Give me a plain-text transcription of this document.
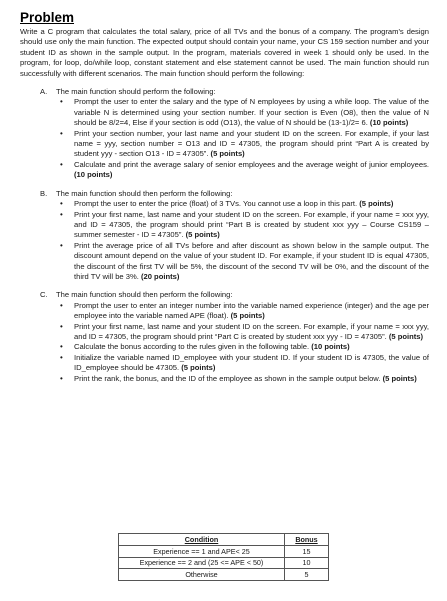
Problem

Write a C program that calculates the total salary, price of all TVs and the bonus of a company. The program's design should use only the main function. The expected output should contain your name, your CS 159 section number and your student ID as shown in the sample output. In the program, materials covered in week 1 should only be used. In the program, for loop, do/while loop, constant statement and else statement cannot be used. The main function should run successfully with different scenarios. The main function should perform the following:

A.	The main function should perform the following:
• Prompt the user to enter the salary and the type of N employees by using a while loop. The value of the variable N is determined using your section number. If your section is Even (O8), then the value of N should be 8/2=4, Else if your section is odd (O13), the value of N should be (13-1)/2= 6. (10 points)
• Print your section number, your last name and your student ID on the screen. For example, if your last name = yyy, section number = O13 and ID = 47305, the program should print “Part A is created by student yyy - section O13 - ID = 47305”. (5 points)
• Calculate and print the average salary of senior employees and the average weight of junior employees. (10 points)
B.	The main function should then perform the following:
• Prompt the user to enter the price (float) of 3 TVs. You cannot use a loop in this part. (5 points)
• Print your first name, last name and your student ID on the screen. For example, if your name = xxx yyy, and ID = 47305, the program should print “Part B is created by student xxx yyy – Course CS159 – summer semester - ID = 47305”. (5 points)
• Print the average price of all TVs before and after discount as shown below in the sample output. The discount amount depend on the value of your student ID. For example, if your student ID is equal 47305, the discount of the first TV will be 5%, the discount of the second TV will be 0%, and the discount of the third TV will be 3%. (20 points)
C.	The main function should then perform the following:
• Prompt the user to enter an integer number into the variable named experience (integer) and the age per employee into the variable named APE (float). (5 points)
• Print your first name, last name and your student ID on the screen. For example, if your name = xxx yyy, and ID = 47305, the program should print “Part C is created by student xxx yyy - ID = 47305”. (5 points)
• Calculate the bonus according to the rules given in the following table. (10 points)
• Initialize the variable named ID_employee with your student ID. If your student ID is 47305, the value of ID_employee should be 47305. (5 points)
• Print the rank, the bonus, and the ID of the employee as shown in the sample output below. (5 points)
Condition	Bonus
Experience == 1 and APE< 25	15
Experience == 2 and (25 <= APE < 50)	10
Otherwise	5
